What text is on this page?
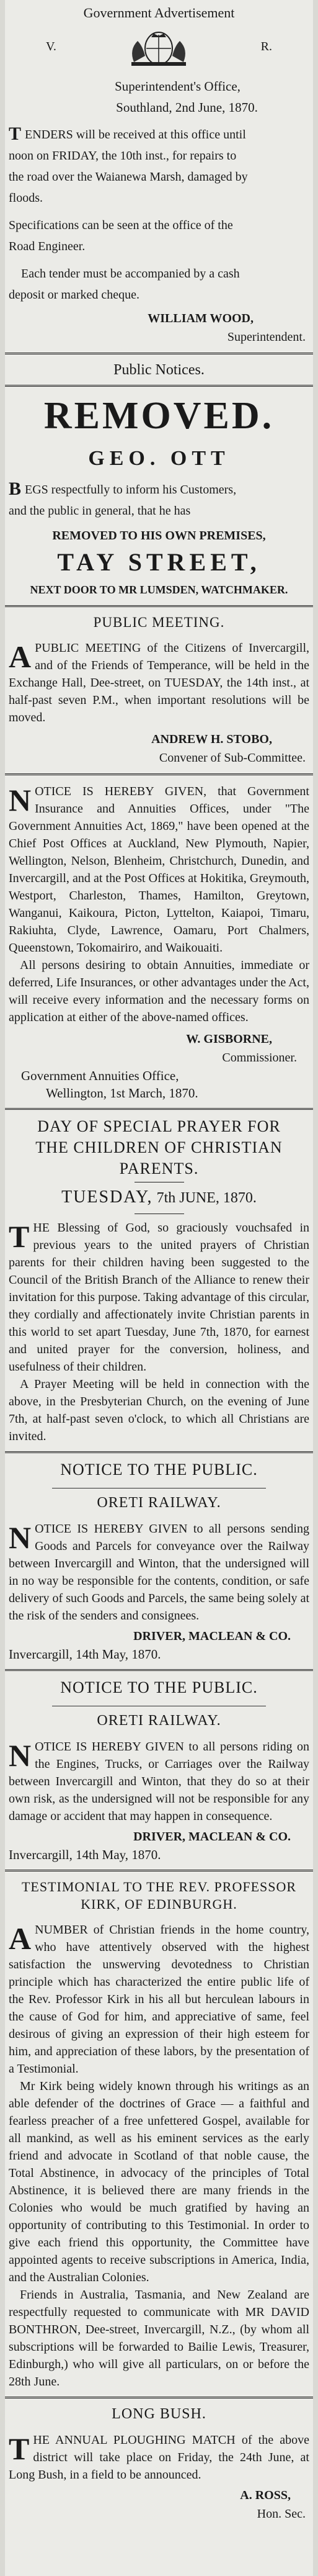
Government Advertisement
V.	R.
Superintendent's Office,
Southland, 2nd June, 1870.
T ENDERS will be received at this office until

noon on FRIDAY, the 10th inst., for repairs to

the road over the Waianewa Marsh, damaged by

floods.

Specifications can be seen at the office of the

Road Engineer.

Each tender must be accompanied by a cash

deposit or marked cheque.

WILLIAM WOOD,
Superintendent.
Public Notices.
REMOVED.
GEO. OTT
B EGS respectfully to inform his Customers,

and the public in general, that he has

REMOVED TO HIS OWN PREMISES,
TAY STREET,
NEXT DOOR TO MR LUMSDEN, WATCHMAKER.
PUBLIC MEETING.
A PUBLIC MEETING of the Citizens of Invercargill, and of the Friends of Temperance, will be held in the Exchange Hall, Dee-street, on TUESDAY, the 14th inst., at half-past seven P.M., when important resolutions will be moved.
ANDREW H. STOBO,
Convener of Sub-Committee.
N OTICE IS HEREBY GIVEN, that Government Insurance and Annuities Offices, under "The Government Annuities Act, 1869," have been opened at the Chief Post Offices at Auckland, New Plymouth, Napier, Wellington, Nelson, Blenheim, Christchurch, Dunedin, and Invercargill, and at the Post Offices at Hokitika, Greymouth, Westport, Charleston, Thames, Hamilton, Greytown, Wanganui, Kaikoura, Picton, Lyttelton, Kaiapoi, Timaru, Rakiuhta, Clyde, Lawrence, Oamaru, Port Chalmers, Queenstown, Tokomairiro, and Waikouaiti.
All persons desiring to obtain Annuities, immediate or deferred, Life Insurances, or other advantages under the Act, will receive every information and the necessary forms on application at either of the above-named offices.
W. GISBORNE,
Commissioner.
Government Annuities Office,
Wellington, 1st March, 1870.
DAY OF SPECIAL PRAYER FOR
THE CHILDREN OF CHRISTIAN
PARENTS.
TUESDAY, 7th JUNE, 1870.
T HE Blessing of God, so graciously vouchsafed in previous years to the united prayers of Christian parents for their children having been suggested to the Council of the British Branch of the Alliance to renew their invitation for this purpose. Taking advantage of this circular, they cordially and affectionately invite Christian parents in this world to set apart Tuesday, June 7th, 1870, for earnest and united prayer for the conversion, holiness, and usefulness of their children.
A Prayer Meeting will be held in connection with the above, in the Presbyterian Church, on the evening of June 7th, at half-past seven o'clock, to which all Christians are invited.
NOTICE TO THE PUBLIC.
ORETI RAILWAY.
N OTICE IS HEREBY GIVEN to all persons sending Goods and Parcels for conveyance over the Railway between Invercargill and Winton, that the undersigned will in no way be responsible for the contents, condition, or safe delivery of such Goods and Parcels, the same being solely at the risk of the senders and consignees.
DRIVER, MACLEAN & CO.
Invercargill, 14th May, 1870.
NOTICE TO THE PUBLIC.
ORETI RAILWAY.
N OTICE IS HEREBY GIVEN to all persons riding on the Engines, Trucks, or Carriages over the Railway between Invercargill and Winton, that they do so at their own risk, as the undersigned will not be responsible for any damage or accident that may happen in consequence.
DRIVER, MACLEAN & CO.
Invercargill, 14th May, 1870.
TESTIMONIAL TO THE REV. PROFESSOR
KIRK, OF EDINBURGH.
A NUMBER of Christian friends in the home country, who have attentively observed with the highest satisfaction the unswerving devotedness to Christian principle which has characterized the entire public life of the Rev. Professor Kirk in his all but herculean labours in the cause of God for him, and appreciative of same, feel desirous of giving an expression of their high esteem for him, and appreciation of these labors, by the presentation of a Testimonial.
Mr Kirk being widely known through his writings as an able defender of the doctrines of Grace — a faithful and fearless preacher of a free unfettered Gospel, available for all mankind, as well as his eminent services as the early friend and advocate in Scotland of that noble cause, the Total Abstinence, in advocacy of the principles of Total Abstinence, it is believed there are many friends in the Colonies who would be much gratified by having an opportunity of contributing to this Testimonial. In order to give each friend this opportunity, the Committee have appointed agents to receive subscriptions in America, India, and the Australian Colonies.
Friends in Australia, Tasmania, and New Zealand are respectfully requested to communicate with MR DAVID BONTHRON, Dee-street, Invercargill, N.Z., (by whom all subscriptions will be forwarded to Bailie Lewis, Treasurer, Edinburgh,) who will give all particulars, on or before the 28th June.
LONG BUSH.
T HE ANNUAL PLOUGHING MATCH of the above district will take place on Friday, the 24th June, at Long Bush, in a field to be announced.
A. ROSS,
Hon. Sec.
